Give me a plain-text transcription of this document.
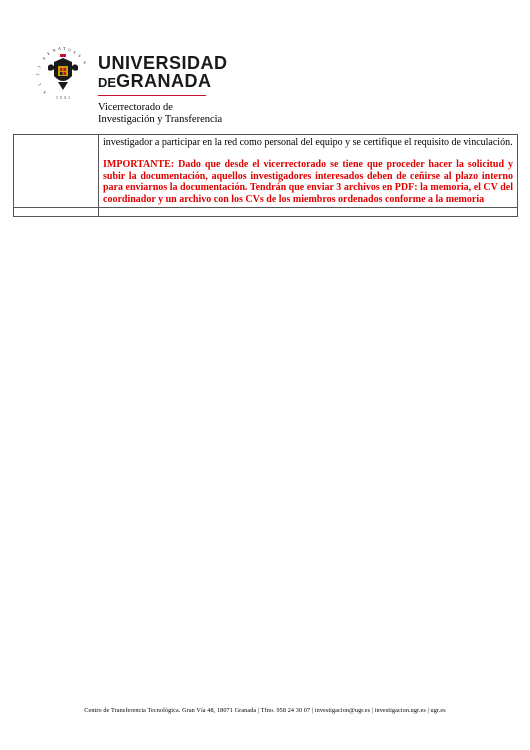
S
E
N A T U S
I
T
L
E
S
A
1 5 3 1
UNIVERSIDAD
DEGRANADA
Vicerrectorado de
Investigación y Transferencia

	investigador a participar en la red como personal del equipo y se certifique el requisito de vinculación.

IMPORTANTE: Dado que desde el vicerrectorado se tiene que proceder hacer la solicitud y subir la documentación, aquellos investigadores interesados deben de ceñirse al plazo interno para enviarnos la documentación. Tendrán que enviar 3 archivos en PDF: la memoria, el CV del coordinador y un archivo con los CVs de los miembros ordenados conforme a la memoria

Centro de Transferencia Tecnológica. Gran Vía 48, 18071 Granada | Tfno. 958 24 30 07 | investigacion@ugr.es | investigacion.ugr.es | ugr.es
